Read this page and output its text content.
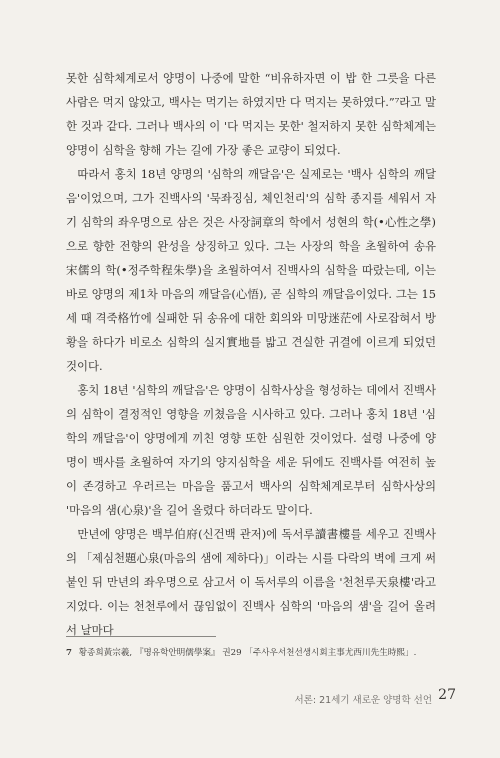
못한 심학체계로서 양명이 나중에 말한 “비유하자면 이 밥 한 그릇을 다른 사람은 먹지 않았고, 백사는 먹기는 하였지만 다 먹지는 못하였다.”⁷라고 말한 것과 같다. 그러나 백사의 이 '다 먹지는 못한' 철저하지 못한 심학체계는 양명이 심학을 향해 가는 길에 가장 좋은 교량이 되었다.

따라서 홍치 18년 양명의 '심학의 깨달음'은 실제로는 '백사 심학의 깨달음'이었으며, 그가 진백사의 '묵좌징심, 체인천리'의 심학 종지를 세워서 자기 심학의 좌우명으로 삼은 것은 사장詞章의 학에서 성현의 학(•心性之學)으로 향한 전향의 완성을 상징하고 있다. 그는 사장의 학을 초월하여 송유宋儒의 학(•정주학程朱學)을 초월하여서 진백사의 심학을 따랐는데, 이는 바로 양명의 제1차 마음의 깨달음(心悟), 곧 심학의 깨달음이었다. 그는 15세 때 격죽格竹에 실패한 뒤 송유에 대한 회의와 미망迷茫에 사로잡혀서 방황을 하다가 비로소 심학의 실지實地를 밟고 견실한 귀결에 이르게 되었던 것이다.

홍치 18년 '심학의 깨달음'은 양명이 심학사상을 형성하는 데에서 진백사의 심학이 결정적인 영향을 끼쳤음을 시사하고 있다. 그러나 홍치 18년 '심학의 깨달음'이 양명에게 끼친 영향 또한 심원한 것이었다. 설령 나중에 양명이 백사를 초월하여 자기의 양지심학을 세운 뒤에도 진백사를 여전히 높이 존경하고 우러르는 마음을 품고서 백사의 심학체계로부터 심학사상의 '마음의 샘(心泉)'을 길어 올렸다 하더라도 말이다.

만년에 양명은 백부伯府(신건백 관저)에 독서루讀書樓를 세우고 진백사의 「제심천題心泉(마음의 샘에 제하다)」이라는 시를 다락의 벽에 크게 써 붙인 뒤 만년의 좌우명으로 삼고서 이 독서루의 이름을 '천천루天泉樓'라고 지었다. 이는 천천루에서 끊임없이 진백사 심학의 '마음의 샘'을 길어 올려서 날마다

7 황종희黃宗羲, 『명유학안明儒學案』 권29 「주사우서천선생시회主事尤西川先生時熙」.
서론: 21세기 새로운 양명학 선언 27
